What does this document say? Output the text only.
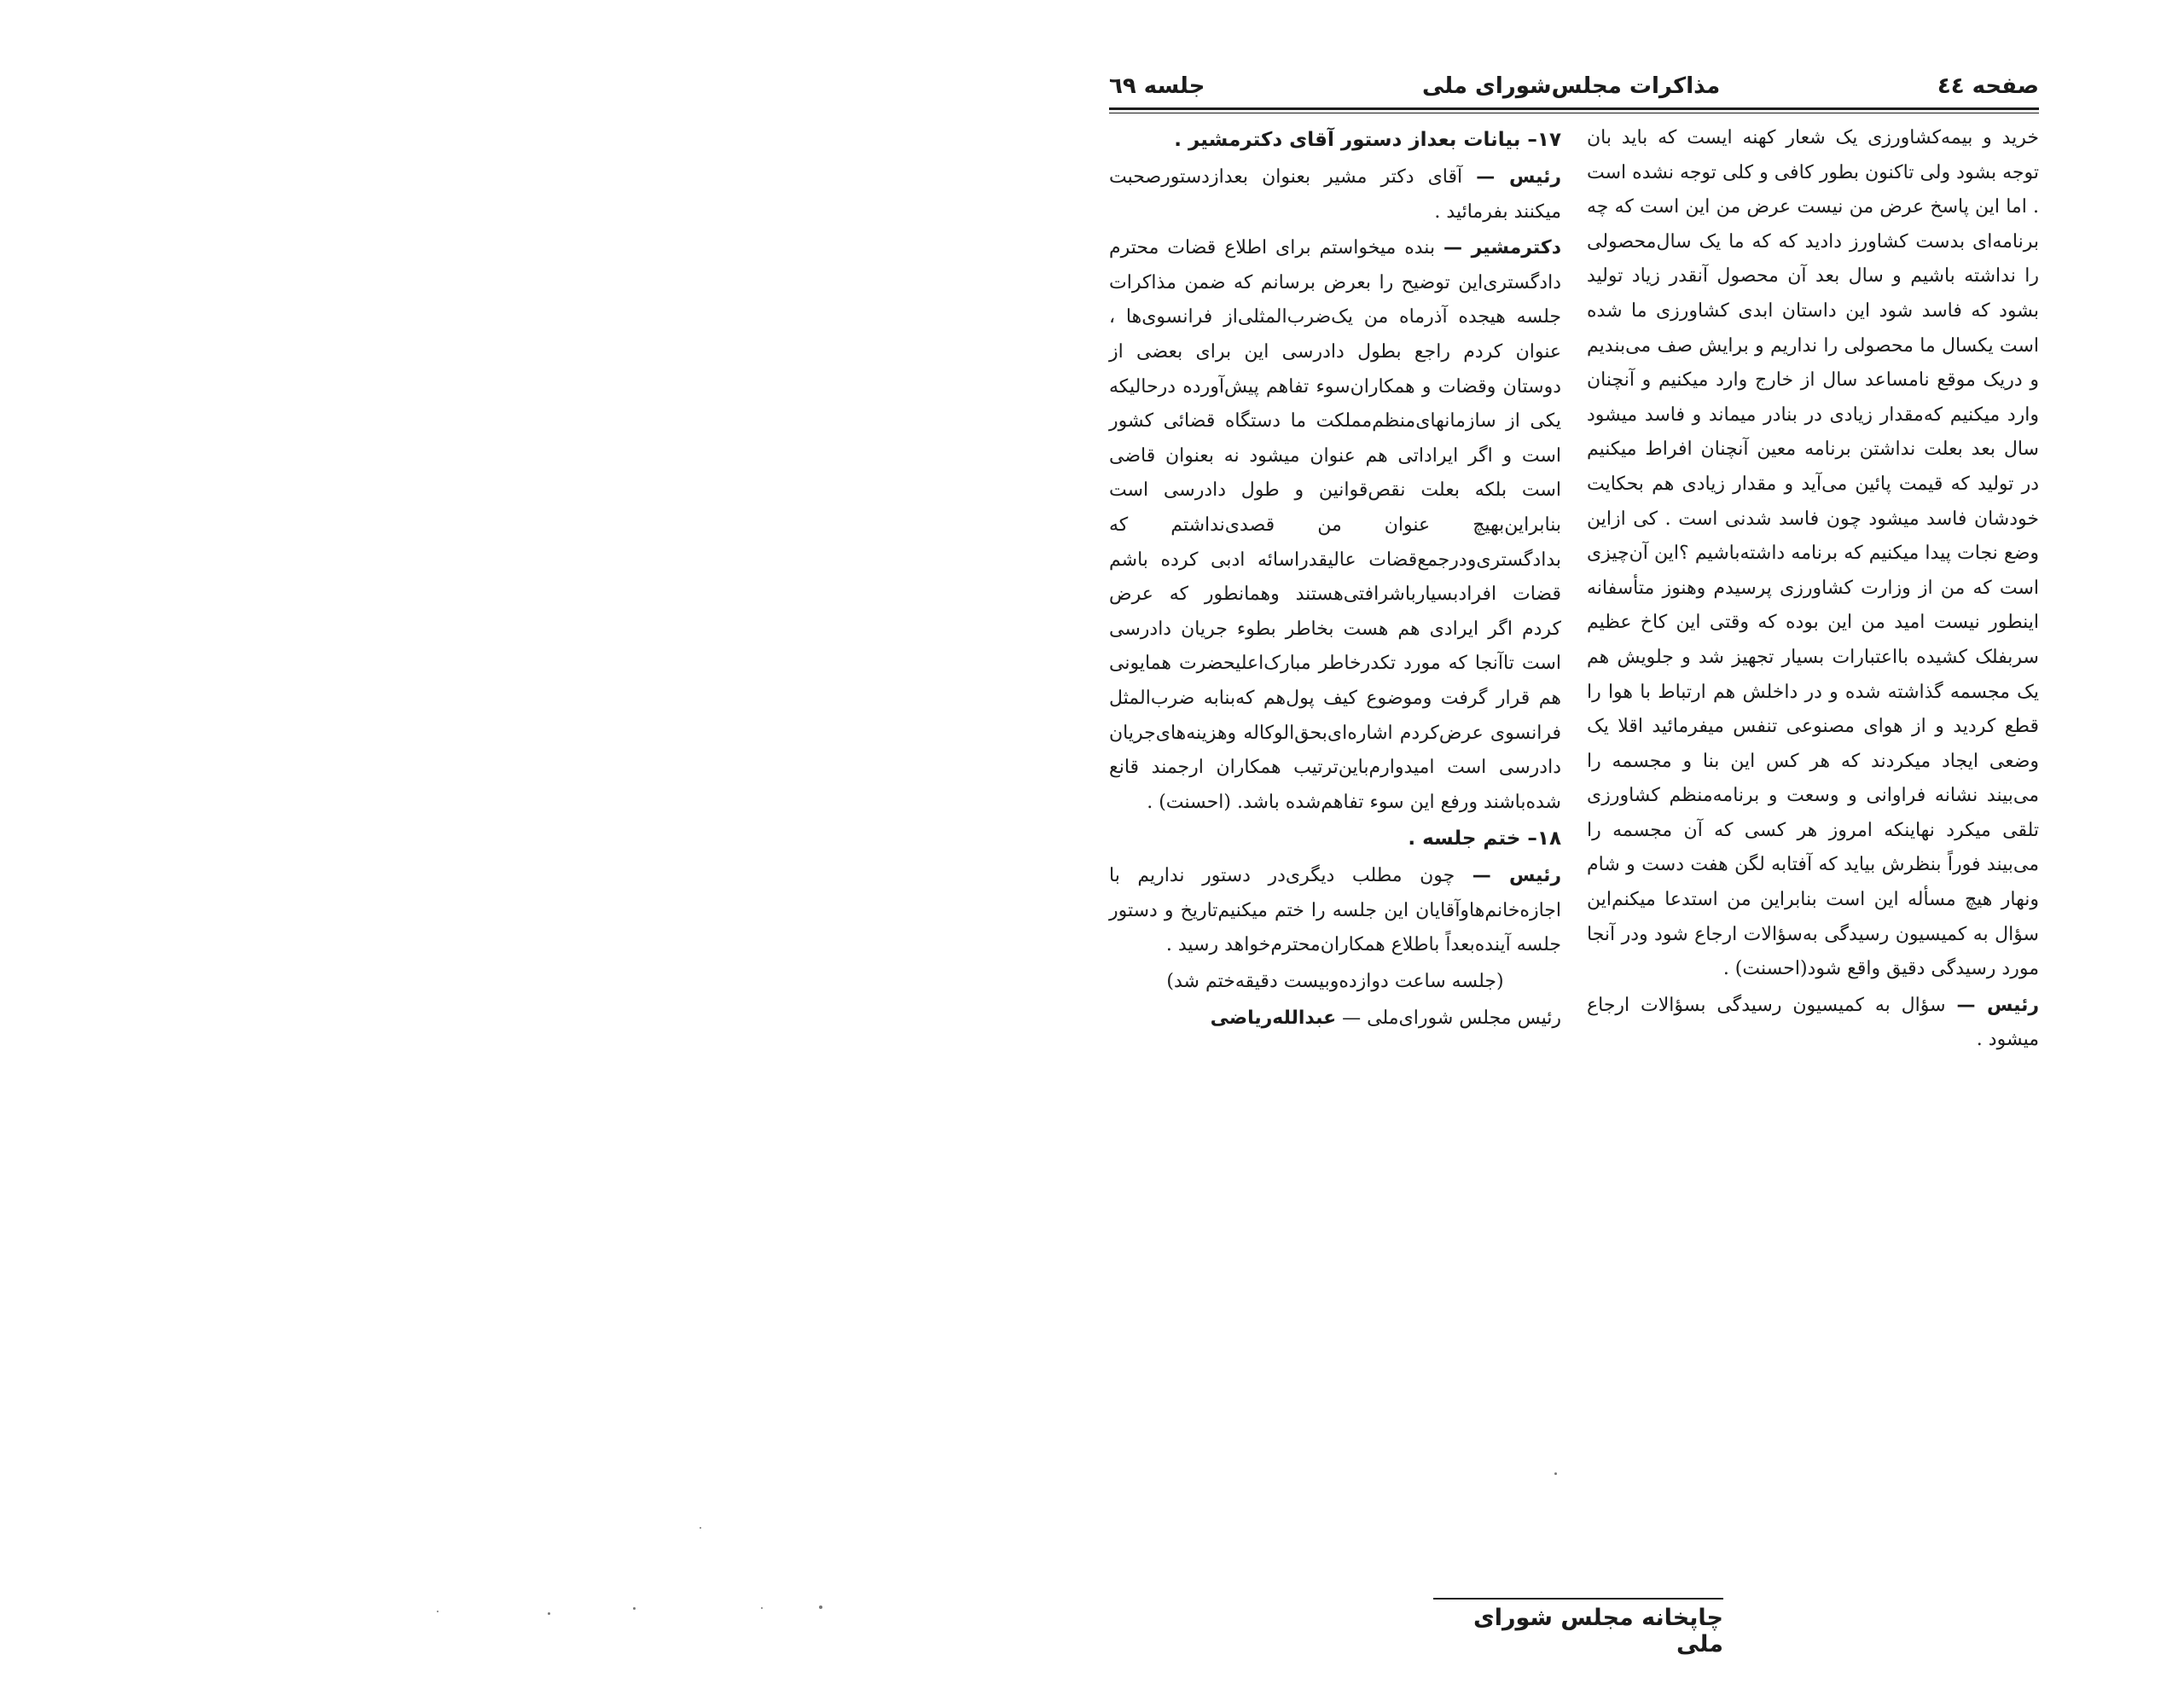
صفحه ٤٤
مذاکرات مجلس‌شورای ملی
جلسه ٦٩

خرید و بیمه‌کشاورزی یک شعار کهنه ایست که باید بان توجه بشود ولی تاکنون بطور کافی و کلی توجه نشده است . اما این پاسخ عرض من نیست عرض من این است که چه برنامه‌ای بدست کشاورز دادید که که ما یک سال‌محصولی را نداشته باشیم و سال بعد آن محصول آنقدر زیاد تولید بشود که فاسد شود این داستان ابدی کشاورزی ما شده است یکسال ما محصولی را نداریم و برایش صف می‌بندیم و دریک موقع نامساعد سال از خارج وارد میکنیم و آنچنان وارد میکنیم که‌مقدار زیادی در بنادر میماند و فاسد میشود سال بعد بعلت نداشتن برنامه معین آنچنان افراط میکنیم در تولید که قیمت پائین می‌آید و مقدار زیادی هم بحکایت خودشان فاسد میشود چون فاسد شدنی است . کی ازاین وضع نجات پیدا میکنیم که برنامه داشته‌باشیم ؟این آن‌چیزی است که من از وزارت کشاورزی پرسیدم وهنوز متأسفانه اینطور نیست امید من این بوده که وقتی این کاخ عظیم سربفلک کشیده بااعتبارات بسیار تجهیز شد و جلویش هم یک مجسمه گذاشته شده و در داخلش هم ارتباط با هوا را قطع کردید و از هوای مصنوعی تنفس میفرمائید اقلا یک وضعی ایجاد میکردند که هر کس این بنا و مجسمه را می‌بیند نشانه فراوانی و وسعت و برنامه‌منظم کشاورزی تلقی میکرد نهاینکه امروز هر کسی که آن مجسمه را می‌بیند فوراً بنظرش بیاید که آفتابه لگن هفت دست و شام ونهار هیچ مسأله این است بنابراین من استدعا میکنم‌این سؤال به کمیسیون رسیدگی به‌سؤالات ارجاع شود ودر آنجا مورد رسیدگی دقیق واقع شود(احسنت) .

رئیس — سؤال به کمیسیون رسیدگی بسؤالات ارجاع میشود .

۱۷– بیانات بعداز دستور آقای دکترمشیر .

رئیس — آقای دکتر مشیر بعنوان بعدازدستورصحبت میکنند بفرمائید .

دکترمشیر — بنده میخواستم برای اطلاع قضات محترم دادگستری‌این توضیح را بعرض برسانم که ضمن مذاکرات جلسه هیجده آذرماه من یک‌ضرب‌المثلی‌از فرانسوی‌ها ، عنوان کردم راجع بطول دادرسی این برای بعضی از دوستان وقضات و همکاران‌سوء تفاهم پیش‌آورده درحالیکه یکی از سازمانهای‌منظم‌مملکت ما دستگاه قضائی کشور است و اگر ایراداتی هم عنوان میشود نه بعنوان قاضی است بلکه بعلت نقص‌قوانین و طول دادرسی است بنابراین‌بهیچ عنوان من قصدی‌نداشتم که بدادگستری‌ودرجمع‌قضات عالیقدراسائه ادبی کرده باشم قضات افرادبسیارباشرافتی‌هستند وهمانطور که عرض کردم اگر ایرادی هم هست بخاطر بطوء جریان دادرسی است تاآنجا که مورد تکدرخاطر مبارک‌اعلیحضرت همایونی هم قرار گرفت وموضوع کیف پول‌هم که‌بنابه ضرب‌المثل فرانسوی عرض‌کردم اشاره‌ای‌بحق‌الوکاله وهزینه‌های‌جریان دادرسی است امیدوارم‌باین‌ترتیب همکاران ارجمند قانع شده‌باشند ورفع این سوء تفاهم‌شده باشد. (احسنت) .

۱۸– ختم جلسه .

رئیس — چون مطلب دیگری‌در دستور نداریم با اجازه‌خانم‌هاوآقایان این جلسه را ختم میکنیم‌تاریخ و دستور جلسه آینده‌بعداً باطلاع همکاران‌محترم‌خواهد رسید .

(جلسه ساعت دوازده‌وبیست دقیقه‌ختم شد)

رئیس مجلس شورای‌ملی — عبدالله‌ریاضی

چاپخانه مجلس شورای ملی
